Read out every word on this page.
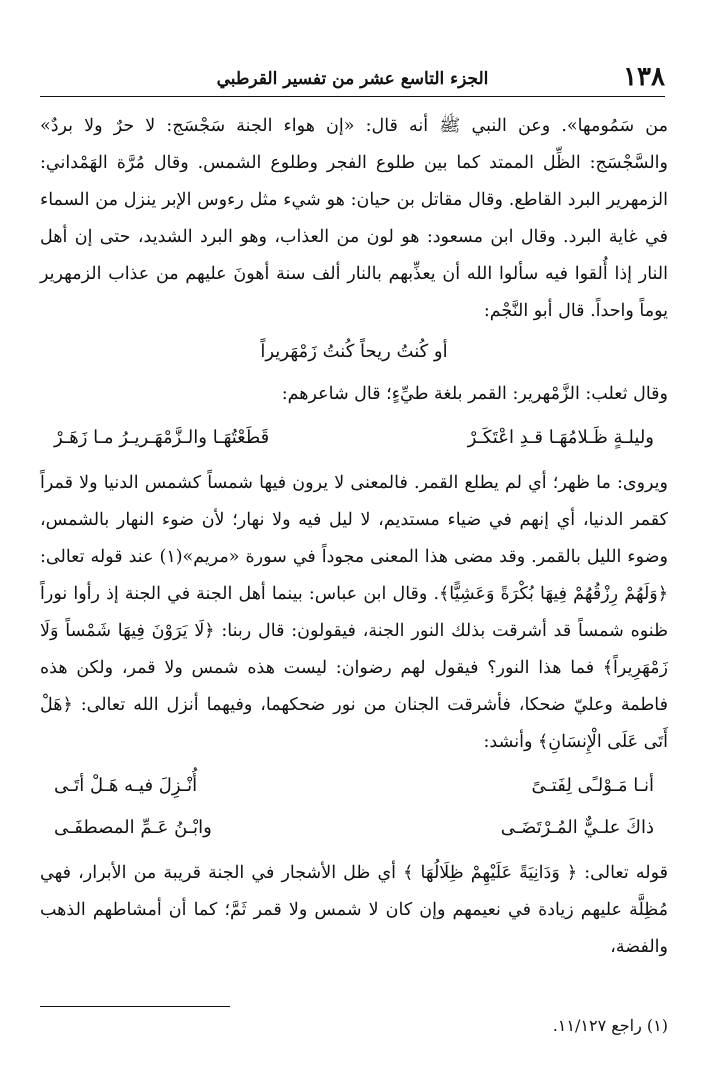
١٣٨
الجزء التاسع عشر من تفسير القرطبي

من سَمُومها». وعن النبي ﷺ أنه قال: «إن هواء الجنة سَجْسَج: لا حرٌ ولا بردٌ» والسَّجْسَج: الظِّل الممتد كما بين طلوع الفجر وطلوع الشمس. وقال مُرَّة الهَمْداني: الزمهرير البرد القاطع. وقال مقاتل بن حيان: هو شيء مثل رءوس الإبر ينزل من السماء في غاية البرد. وقال ابن مسعود: هو لون من العذاب، وهو البرد الشديد، حتى إن أهل النار إذا أُلقوا فيه سألوا الله أن يعذِّبهم بالنار ألف سنة أهونَ عليهم من عذاب الزمهرير يوماً واحداً. قال أبو النَّجْم:

أو كُنتُ ريحاً كُنتُ زَمْهَريراً

وقال ثعلب: الزَّمْهرير: القمر بلغة طيِّءٍ؛ قال شاعرهم:

وليلـةٍ ظَـلامُهَـا قـدِ اعْتَكَـرْ
قَطَعْتُهَـا والـزَّمْهَـريـرُ مـا زَهَـرْ

ويروى: ما ظهر؛ أي لم يطلع القمر. فالمعنى لا يرون فيها شمساً كشمس الدنيا ولا قمراً كقمر الدنيا، أي إنهم في ضياء مستديم، لا ليل فيه ولا نهار؛ لأن ضوء النهار بالشمس، وضوء الليل بالقمر. وقد مضى هذا المعنى مجوداً في سورة «مريم»(١) عند قوله تعالى: ﴿وَلَهُمْ رِزْقُهُمْ فِيهَا بُكْرَةً وَعَشِيًّا﴾. وقال ابن عباس: بينما أهل الجنة في الجنة إذ رأوا نوراً ظنوه شمساً قد أشرقت بذلك النور الجنة، فيقولون: قال ربنا: ﴿لَا يَرَوْنَ فِيهَا شَمْساً وَلَا زَمْهَرِيراً﴾ فما هذا النور؟ فيقول لهم رضوان: ليست هذه شمس ولا قمر، ولكن هذه فاطمة وعليّ ضحكا، فأشرقت الجنان من نور ضحكهما، وفيهما أنزل الله تعالى: ﴿هَلْ أَتَى عَلَى الْإِنسَانِ﴾ وأنشد:

أنـا مَـوْلـًى لِفَتـىً
أُنْـزِلَ فيـه هَـلْ أتَـى
ذاكَ علـيٌّ المُـرْتَضَـى
وابْـنُ عَـمِّ المصطفَـى

قوله تعالى: ﴿ وَدَانِيَةً عَلَيْهِمْ ظِلَالُهَا ﴾ أي ظل الأشجار في الجنة قريبة من الأبرار، فهي مُظِلَّة عليهم زيادة في نعيمهم وإن كان لا شمس ولا قمر ثَمَّ؛ كما أن أمشاطهم الذهب والفضة،

(١) راجع ١١/١٢٧.
